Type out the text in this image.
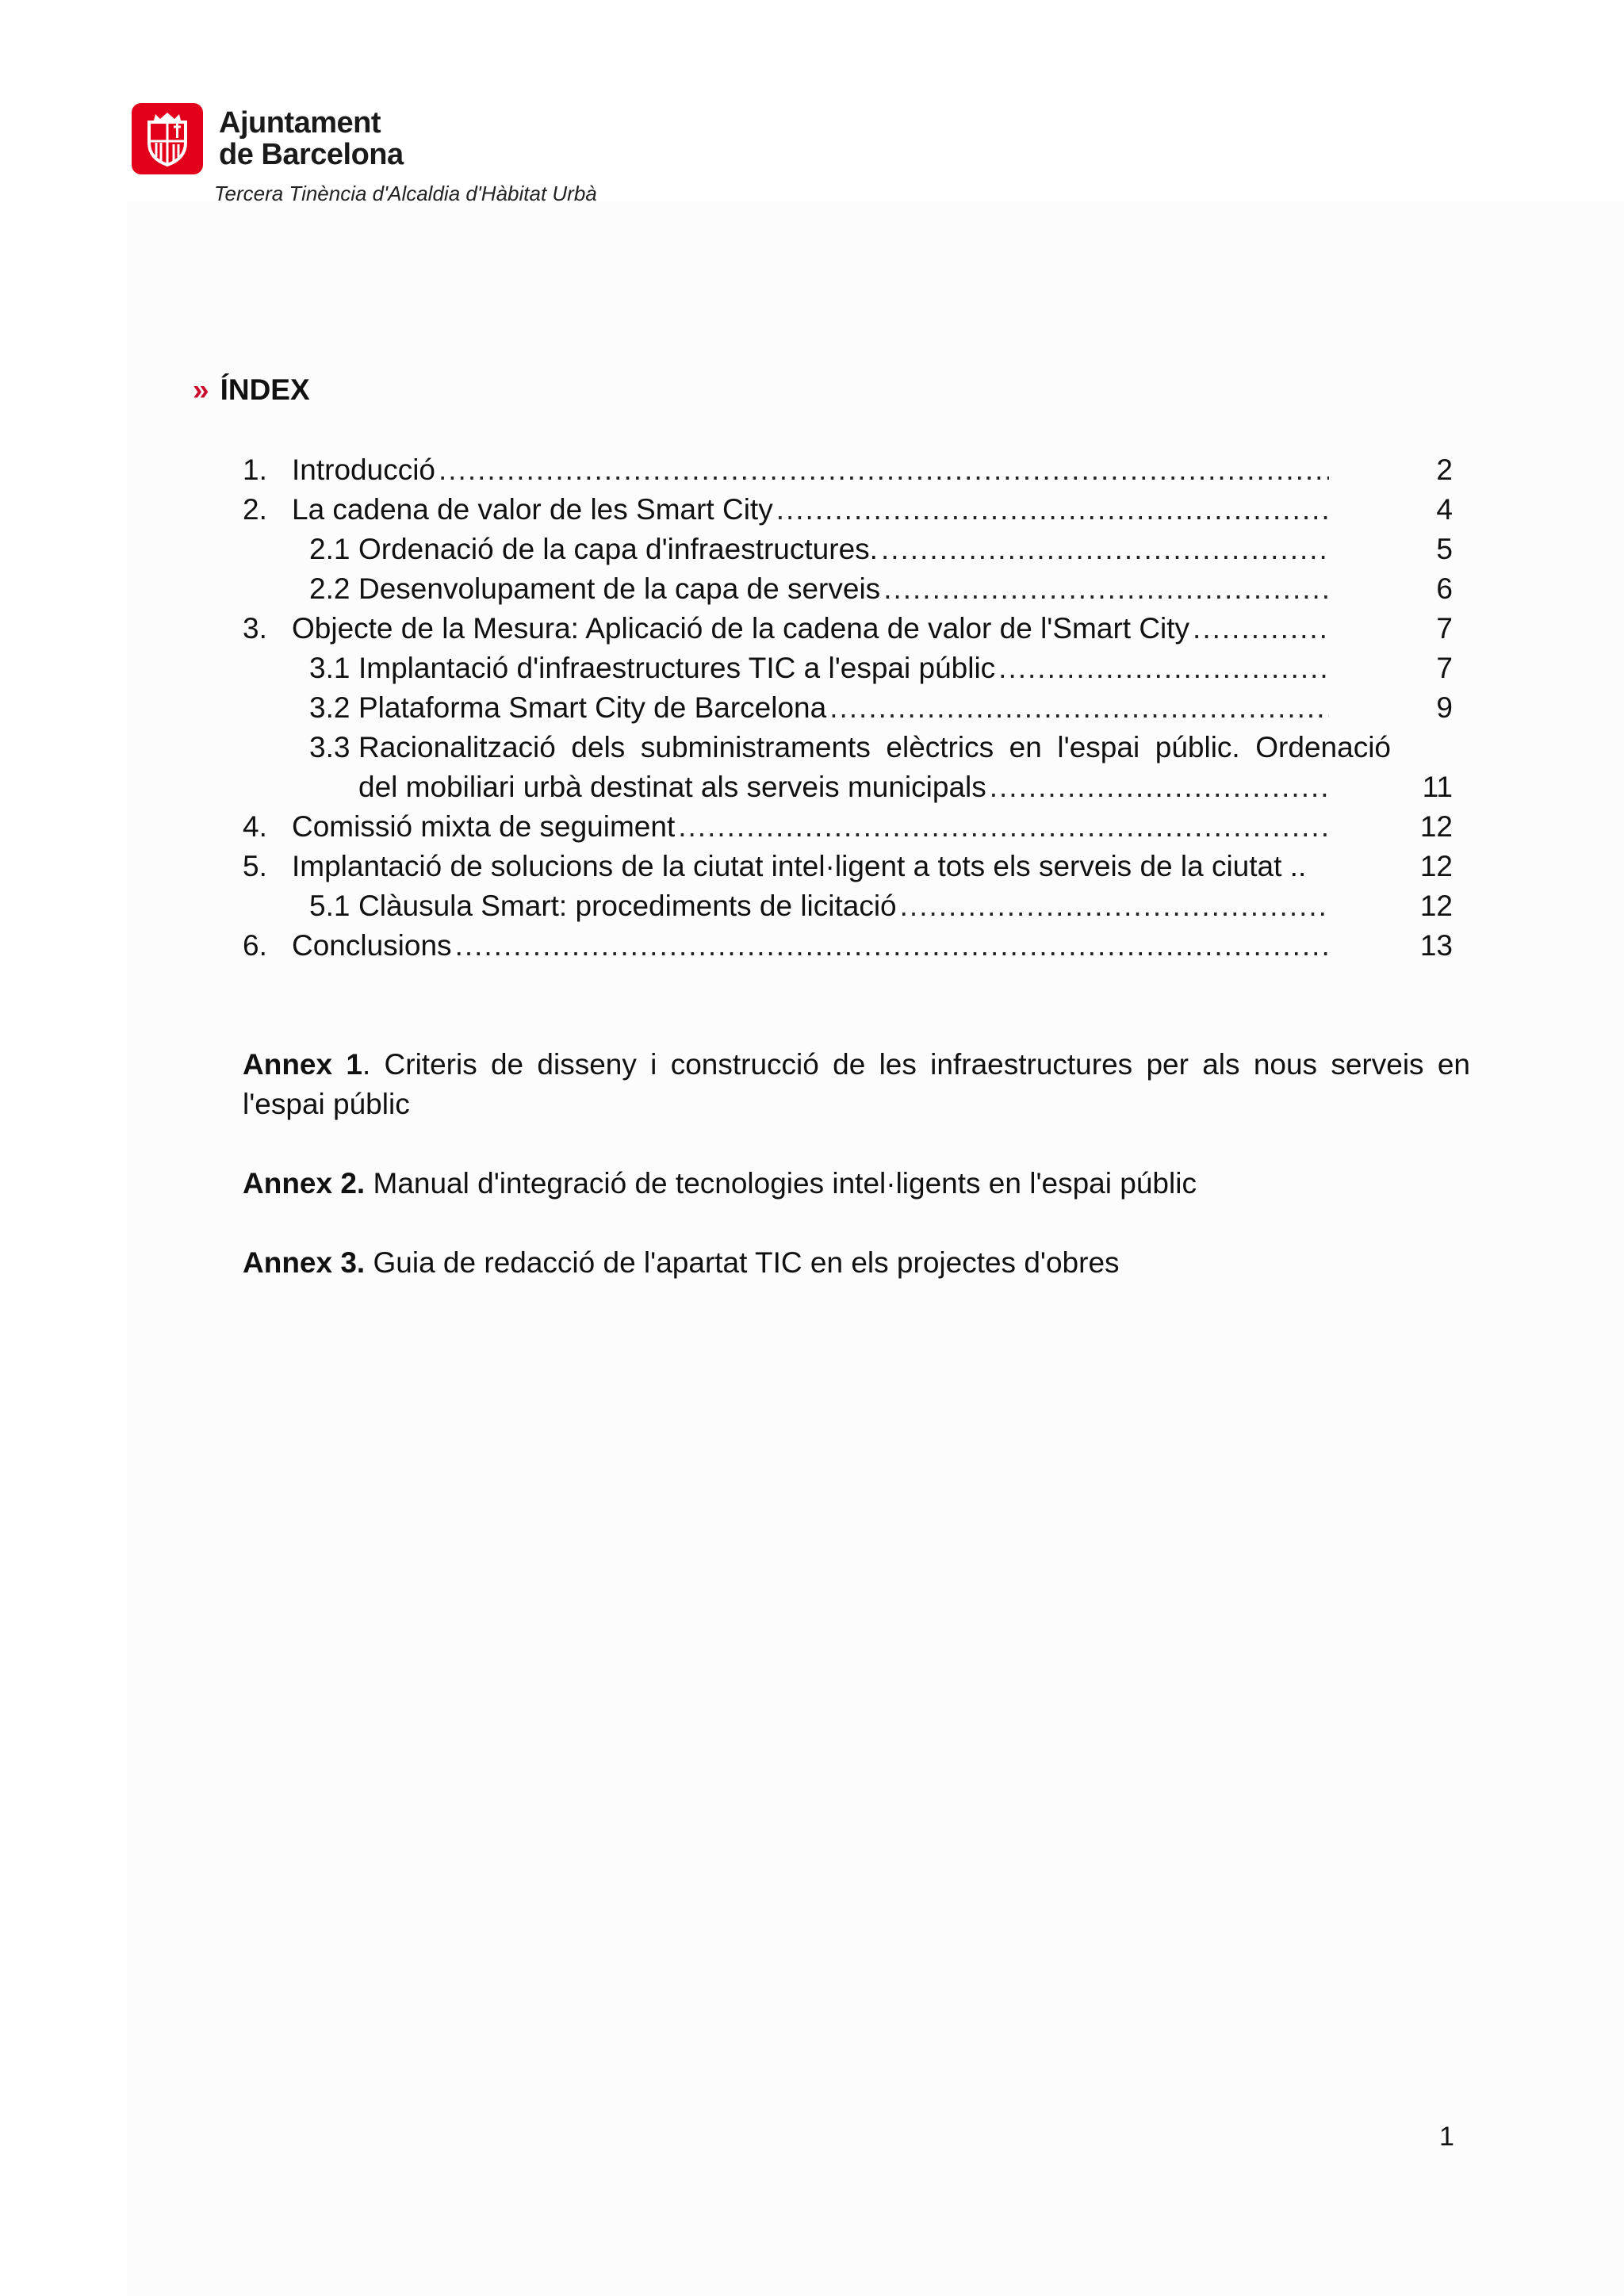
Ajuntament
de Barcelona
Tercera Tinència d'Alcaldia d'Hàbitat Urbà
» ÍNDEX
1. Introducció .....	2
2. La cadena de valor de les Smart City .....	4
2.1 Ordenació de la capa d'infraestructures. .....	5
2.2 Desenvolupament de la capa de serveis .....	6
3. Objecte de la Mesura: Aplicació de la cadena de valor de l'Smart City .....	7
3.1 Implantació d'infraestructures TIC a l'espai públic .....	7
3.2 Plataforma Smart City de Barcelona .....	9
3.3 Racionalització dels subministraments elèctrics en l'espai públic. Ordenació
del mobiliari urbà destinat als serveis municipals .....	11
4. Comissió mixta de seguiment .....	12
5. Implantació de solucions de la ciutat intel·ligent a tots els serveis de la ciutat ..	12
5.1 Clàusula Smart: procediments de licitació .....	12
6. Conclusions .....	13
Annex 1. Criteris de disseny i construcció de les infraestructures per als nous serveis en
l'espai públic
Annex 2. Manual d'integració de tecnologies intel·ligents en l'espai públic
Annex 3. Guia de redacció de l'apartat TIC en els projectes d'obres
1
